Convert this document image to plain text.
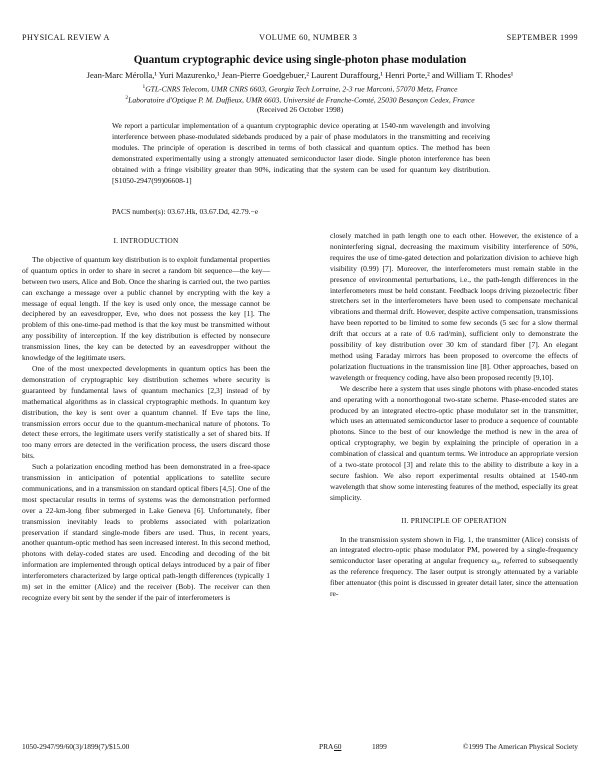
PHYSICAL REVIEW A	VOLUME 60, NUMBER 3	SEPTEMBER 1999
Quantum cryptographic device using single-photon phase modulation
Jean-Marc Mérolla,¹ Yuri Mazurenko,¹ Jean-Pierre Goedgebuer,² Laurent Duraffourg,¹ Henri Porte,² and William T. Rhodes¹
$^1$GTL-CNRS Telecom, UMR CNRS 6603, Georgia Tech Lorraine, 2-3 rue Marconi, 57070 Metz, France
$^2$Laboratoire d'Optique P. M. Duffieux, UMR 6603, Université de Franche-Comté, 25030 Besançon Cedex, France
(Received 26 October 1998)
We report a particular implementation of a quantum cryptographic device operating at 1540-nm wavelength and involving interference between phase-modulated sidebands produced by a pair of phase modulators in the transmitting and receiving modules. The principle of operation is described in terms of both classical and quantum optics. The method has been demonstrated experimentally using a strongly attenuated semiconductor laser diode. Single photon interference has been obtained with a fringe visibility greater than 90%, indicating that the system can be used for quantum key distribution. [S1050-2947(99)06608-1]
PACS number(s): 03.67.Hk, 03.67.Dd, 42.79.−e
I. INTRODUCTION

The objective of quantum key distribution is to exploit fundamental properties of quantum optics in order to share in secret a random bit sequence—the key—between two users, Alice and Bob. Once the sharing is carried out, the two parties can exchange a message over a public channel by encrypting with the key a message of equal length. If the key is used only once, the message cannot be deciphered by an eavesdropper, Eve, who does not possess the key [1]. The problem of this one-time-pad method is that the key must be transmitted without any possibility of interception. If the key distribution is effected by nonsecure transmission lines, the key can be detected by an eavesdropper without the knowledge of the legitimate users.

One of the most unexpected developments in quantum optics has been the demonstration of cryptographic key distribution schemes where security is guaranteed by fundamental laws of quantum mechanics [2,3] instead of by mathematical algorithms as in classical cryptographic methods. In quantum key distribution, the key is sent over a quantum channel. If Eve taps the line, transmission errors occur due to the quantum-mechanical nature of photons. To detect these errors, the legitimate users verify statistically a set of shared bits. If too many errors are detected in the verification process, the users discard those bits.

Such a polarization encoding method has been demonstrated in a free-space transmission in anticipation of potential applications to satellite secure communications, and in a transmission on standard optical fibers [4,5]. One of the most spectacular results in terms of systems was the demonstration performed over a 22-km-long fiber submerged in Lake Geneva [6]. Unfortunately, fiber transmission inevitably leads to problems associated with polarization preservation if standard single-mode fibers are used. Thus, in recent years, another quantum-optic method has seen increased interest. In this second method, photons with delay-coded states are used. Encoding and decoding of the bit information are implemented through optical delays introduced by a pair of fiber interferometers characterized by large optical path-length differences (typically 1 m) set in the emitter (Alice) and the receiver (Bob). The receiver can then recognize every bit sent by the sender if the pair of interferometers is

closely matched in path length one to each other. However, the existence of a noninterfering signal, decreasing the maximum visibility interference of 50%, requires the use of time-gated detection and polarization division to achieve high visibility (0.99) [7]. Moreover, the interferometers must remain stable in the presence of environmental perturbations, i.e., the path-length differences in the interferometers must be held constant. Feedback loops driving piezoelectric fiber stretchers set in the interferometers have been used to compensate mechanical vibrations and thermal drift. However, despite active compensation, transmissions have been reported to be limited to some few seconds (5 sec for a slow thermal drift that occurs at a rate of 0.6 rad/min), sufficient only to demonstrate the possibility of key distribution over 30 km of standard fiber [7]. An elegant method using Faraday mirrors has been proposed to overcome the effects of polarization fluctuations in the transmission line [8]. Other approaches, based on wavelength or frequency coding, have also been proposed recently [9,10].

We describe here a system that uses single photons with phase-encoded states and operating with a nonorthogonal two-state scheme. Phase-encoded states are produced by an integrated electro-optic phase modulator set in the transmitter, which uses an attenuated semiconductor laser to produce a sequence of countable photons. Since to the best of our knowledge the method is new in the area of optical cryptography, we begin by explaining the principle of operation in a combination of classical and quantum terms. We introduce an appropriate version of a two-state protocol [3] and relate this to the ability to distribute a key in a secure fashion. We also report experimental results obtained at 1540-nm wavelength that show some interesting features of the method, especially its great simplicity.

II. PRINCIPLE OF OPERATION

In the transmission system shown in Fig. 1, the transmitter (Alice) consists of an integrated electro-optic phase modulator PM, powered by a single-frequency semiconductor laser operating at angular frequency ω₀, referred to subsequently as the reference frequency. The laser output is strongly attenuated by a variable fiber attenuator (this point is discussed in greater detail later, since the attenuation re-

1050-2947/99/60(3)/1899(7)/$15.00	PRA 60	1899	©1999 The American Physical Society
